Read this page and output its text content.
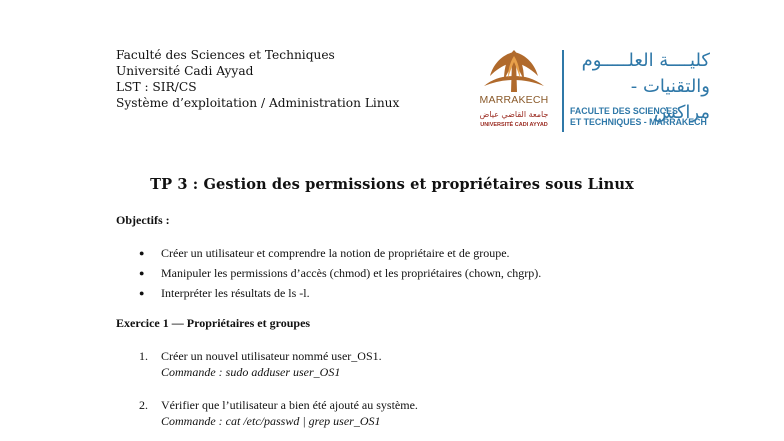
Faculté des Sciences et Techniques
Université Cadi Ayyad
LST : SIR/CS
Système d’exploitation / Administration Linux	MARRAKECH
جامعة القاضي عياض
UNIVERSITÉ CADI AYYAD
كليــــة العلـــــوم
والتقنيات - مراكش
FACULTE DES SCIENCES
ET TECHNIQUES - MARRAKECH
TP 3 : Gestion des permissions et propriétaires sous Linux
Objectifs :
● Créer un utilisateur et comprendre la notion de propriétaire et de groupe.
● Manipuler les permissions d’accès (chmod) et les propriétaires (chown, chgrp).
● Interpréter les résultats de ls -l.
Exercice 1 — Propriétaires et groupes
1. Créer un nouvel utilisateur nommé user_OS1.
Commande : sudo adduser user_OS1
2. Vérifier que l’utilisateur a bien été ajouté au système.
Commande : cat /etc/passwd | grep user_OS1
